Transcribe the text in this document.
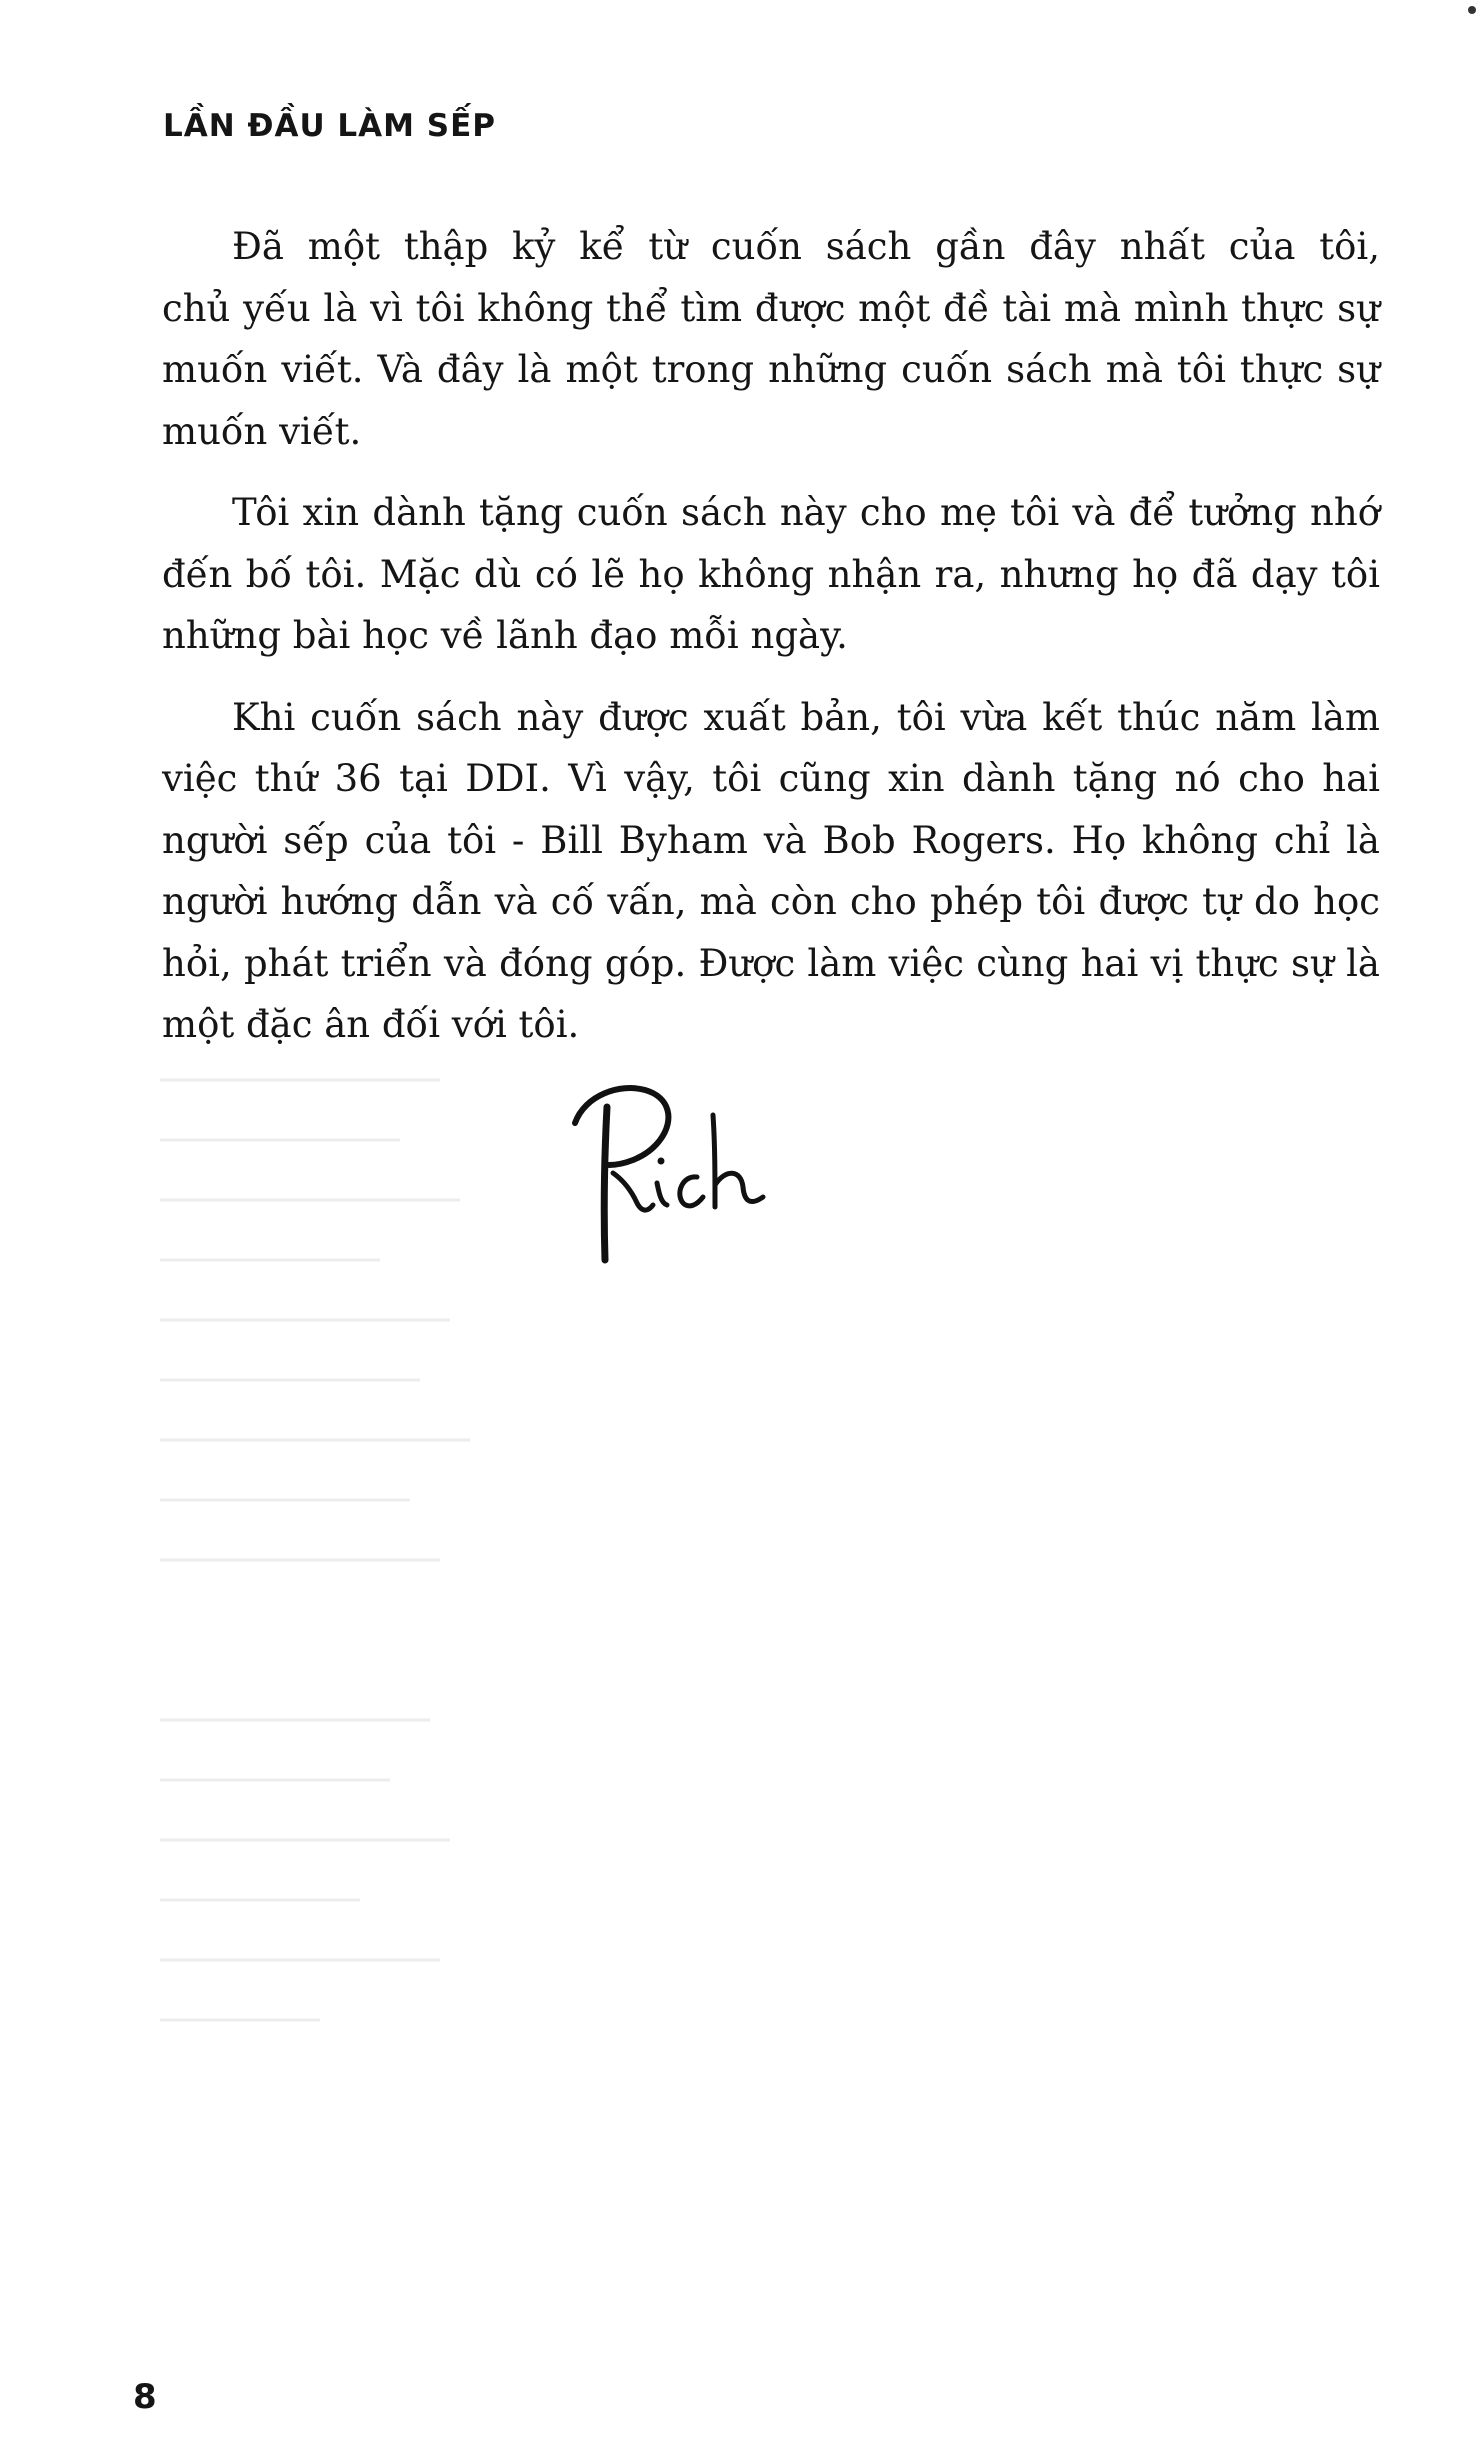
LẦN ĐẦU LÀM SẾP

Đã một thập kỷ kể từ cuốn sách gần đây nhất của tôi,
chủ yếu là vì tôi không thể tìm được một đề tài mà mình thực sự
muốn viết. Và đây là một trong những cuốn sách mà tôi thực sự
muốn viết.

Tôi xin dành tặng cuốn sách này cho mẹ tôi và để tưởng nhớ
đến bố tôi. Mặc dù có lẽ họ không nhận ra, nhưng họ đã dạy tôi
những bài học về lãnh đạo mỗi ngày.

Khi cuốn sách này được xuất bản, tôi vừa kết thúc năm làm
việc thứ 36 tại DDI. Vì vậy, tôi cũng xin dành tặng nó cho hai
người sếp của tôi - Bill Byham và Bob Rogers. Họ không chỉ là
người hướng dẫn và cố vấn, mà còn cho phép tôi được tự do học
hỏi, phát triển và đóng góp. Được làm việc cùng hai vị thực sự là
một đặc ân đối với tôi.

8
